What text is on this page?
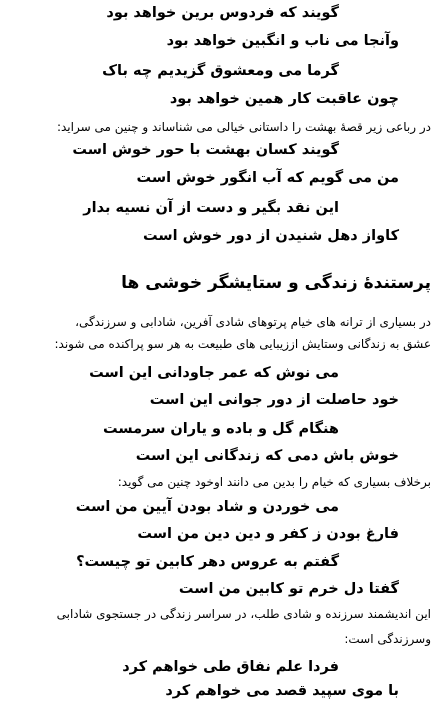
گویند که فردوس برین خواهد بود
وآنجا می ناب و انگبین خواهد بود
گرما می ومعشوق گزیدیم چه باک
چون عاقبت کار همین خواهد بود
در رباعی زیر قصهٔ بهشت را داستانی خیالی می شناساند و چنین می سراید:
گویند کسان بهشت با حور خوش است
من می گویم که آب انگور خوش است
این نقد بگیر و دست از آن نسیه بدار
کاواز دهل شنیدن از دور خوش است
پرستندهٔ زندگی و ستایشگر خوشی ها
در بسیاری از ترانه های خیام پرتوهای شادی آفرین، شادابی و سرزندگی،
عشق به زندگانی وستایش اززیبایی های طبیعت به هر سو پراکنده می شوند:
می نوش که عمر جاودانی این است
خود حاصلت از دور جوانی این است
هنگام گل و باده و یاران سرمست
خوش باش دمی که زندگانی این است
برخلاف بسیاری که خیام را بدین می دانند اوخود چنین می گوید:
می خوردن و شاد بودن آیین من است
فارغ بودن ز کفر و دین دین من است
گفتم به عروس دهر کابین تو چیست؟
گفتا دل خرم تو کابین من است
این اندیشمند سرزنده و شادی طلب، در سراسر زندگی در جستجوی شادابی
وسرزندگی است:
فردا علم نفاق طی خواهم کرد
با موی سپید قصد می خواهم کرد
